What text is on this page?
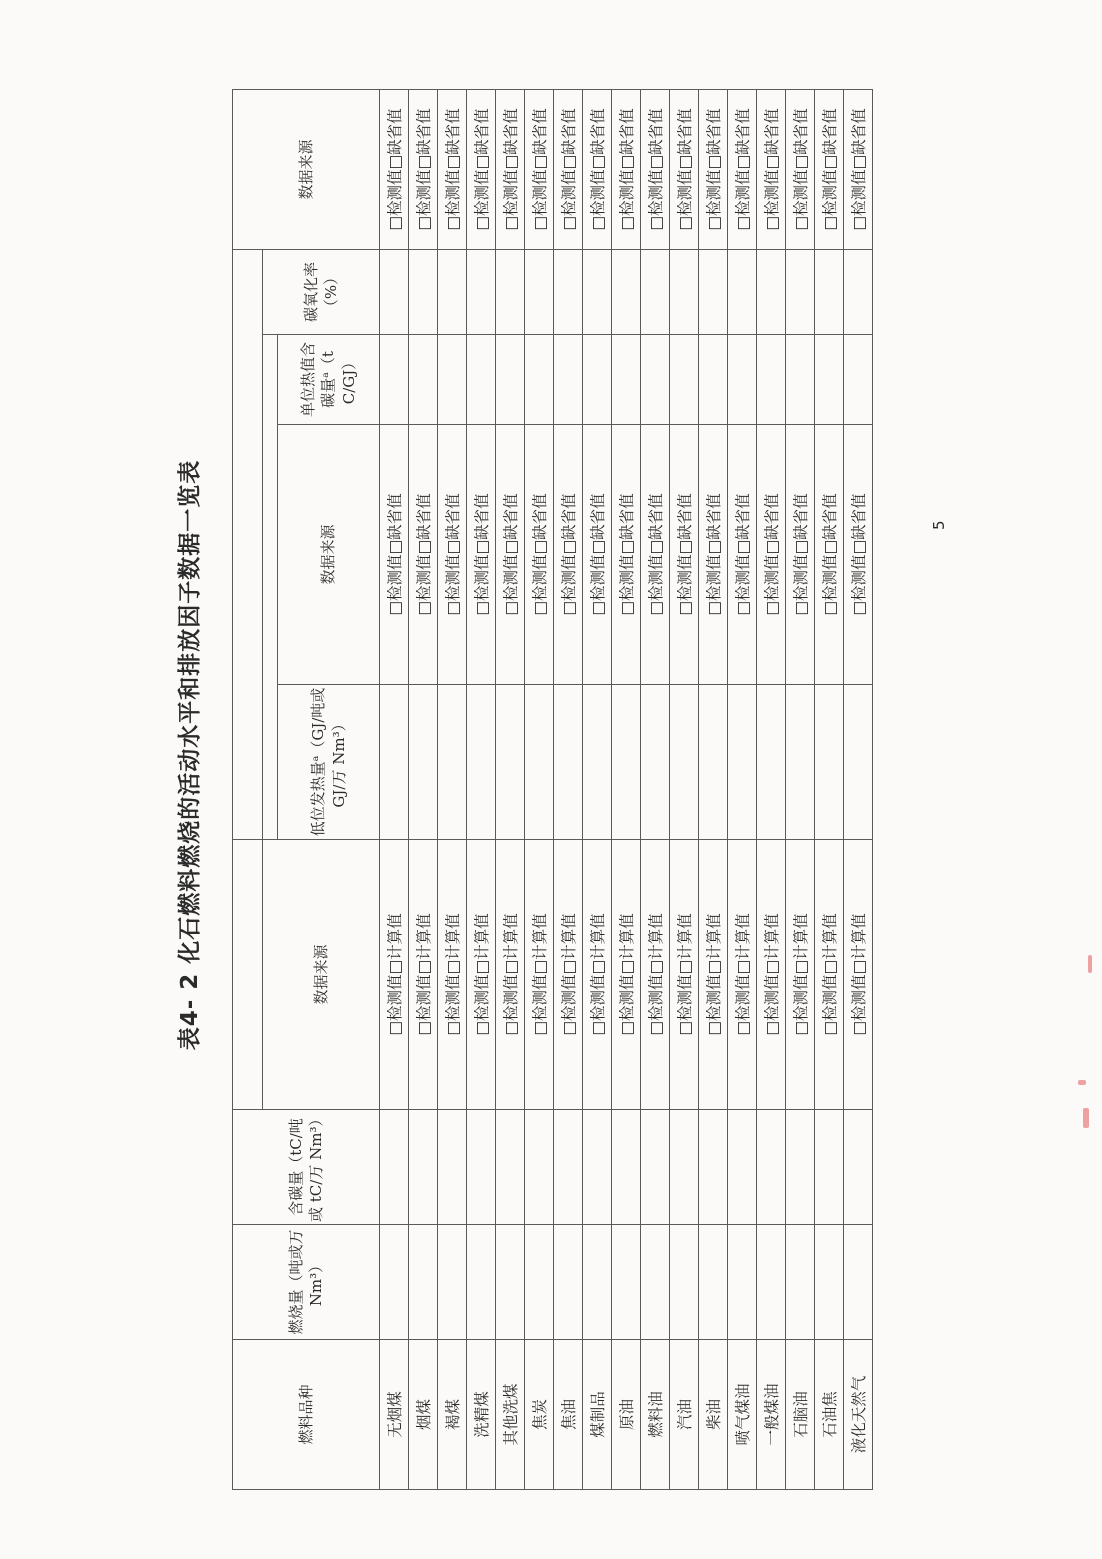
表4- 2 化石燃料燃烧的活动水平和排放因子数据一览表
燃料品种	燃烧量（吨或万 Nm³）	含碳量（tC/吨或 tC/万 Nm³）						数据来源
			数据来源				碳氧化率（%）	
				低位发热量ᵃ（GJ/吨或 GJ/万 Nm³）	数据来源	单位热值含碳量ᵃ（t C/GJ）		
无烟煤			□检测值□计算值		□检测值□缺省值			□检测值□缺省值
烟煤			□检测值□计算值		□检测值□缺省值			□检测值□缺省值
褐煤			□检测值□计算值		□检测值□缺省值			□检测值□缺省值
洗精煤			□检测值□计算值		□检测值□缺省值			□检测值□缺省值
其他洗煤			□检测值□计算值		□检测值□缺省值			□检测值□缺省值
焦炭			□检测值□计算值		□检测值□缺省值			□检测值□缺省值
焦油			□检测值□计算值		□检测值□缺省值			□检测值□缺省值
煤制品			□检测值□计算值		□检测值□缺省值			□检测值□缺省值
原油			□检测值□计算值		□检测值□缺省值			□检测值□缺省值
燃料油			□检测值□计算值		□检测值□缺省值			□检测值□缺省值
汽油			□检测值□计算值		□检测值□缺省值			□检测值□缺省值
柴油			□检测值□计算值		□检测值□缺省值			□检测值□缺省值
喷气煤油			□检测值□计算值		□检测值□缺省值			□检测值□缺省值
一般煤油			□检测值□计算值		□检测值□缺省值			□检测值□缺省值
石脑油			□检测值□计算值		□检测值□缺省值			□检测值□缺省值
石油焦			□检测值□计算值		□检测值□缺省值			□检测值□缺省值
液化天然气			□检测值□计算值		□检测值□缺省值			□检测值□缺省值
5
